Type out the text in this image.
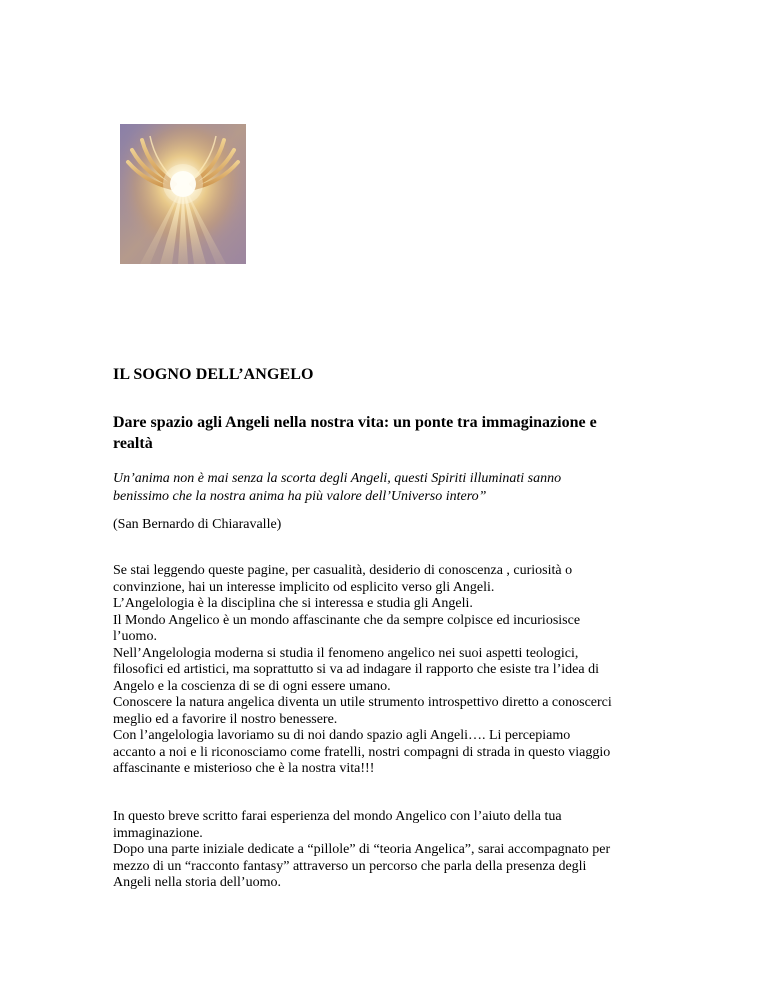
IL SOGNO DELL’ANGELO
Dare spazio agli Angeli nella nostra vita: un ponte tra immaginazione e
realtà

Un’anima non è mai senza la scorta degli Angeli, questi Spiriti illuminati sanno
benissimo che la nostra anima ha più valore dell’Universo intero”

(San Bernardo di Chiaravalle)

Se stai leggendo queste pagine, per casualità, desiderio di conoscenza , curiosità o
convinzione, hai un interesse implicito od esplicito verso gli Angeli.
L’Angelologia è la disciplina che si interessa e studia gli Angeli.
Il Mondo Angelico è un mondo affascinante che da sempre colpisce ed incuriosisce
l’uomo.
Nell’Angelologia moderna si studia il fenomeno angelico nei suoi aspetti teologici,
filosofici ed artistici, ma soprattutto si va ad indagare il rapporto che esiste tra l’idea di
Angelo e la coscienza di se di ogni essere umano.
Conoscere la natura angelica diventa un utile strumento introspettivo diretto a conoscerci
meglio ed a favorire il nostro benessere.
Con l’angelologia lavoriamo su di noi dando spazio agli Angeli…. Li percepiamo
accanto a noi e li riconosciamo come fratelli, nostri compagni di strada in questo viaggio
affascinante e misterioso che è la nostra vita!!!

In questo breve scritto farai esperienza del mondo Angelico con l’aiuto della tua
immaginazione.
Dopo una parte iniziale dedicate a “pillole” di “teoria Angelica”, sarai accompagnato per
mezzo di un “racconto fantasy” attraverso un percorso che parla della presenza degli
Angeli nella storia dell’uomo.
